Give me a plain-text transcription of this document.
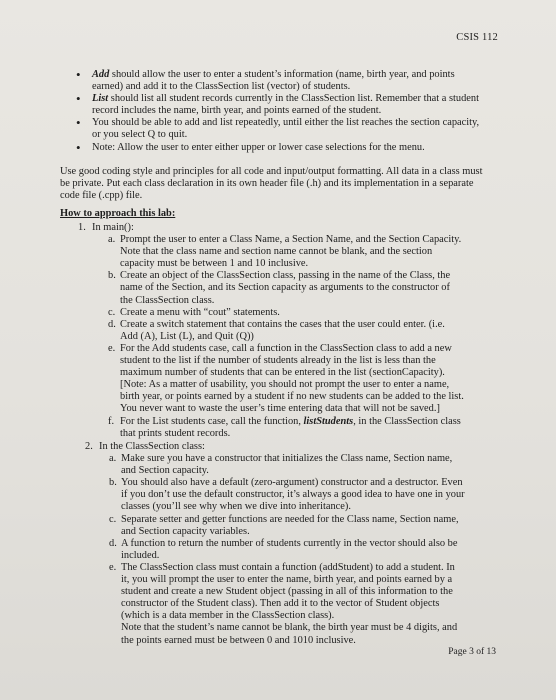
CSIS 112
• Add should allow the user to enter a student’s information (name, birth year, and points earned) and add it to the ClassSection list (vector) of students.
• List should list all student records currently in the ClassSection list. Remember that a student record includes the name, birth year, and points earned of the student.
• You should be able to add and list repeatedly, until either the list reaches the section capacity, or you select Q to quit.
• Note: Allow the user to enter either upper or lower case selections for the menu.
Use good coding style and principles for all code and input/output formatting. All data in a class must be private. Put each class declaration in its own header file (.h) and its implementation in a separate code file (.cpp) file.
How to approach this lab:
1. In main():
a. Prompt the user to enter a Class Name, a Section Name, and the Section Capacity. Note that the class name and section name cannot be blank, and the section capacity must be between 1 and 10 inclusive.
b. Create an object of the ClassSection class, passing in the name of the Class, the name of the Section, and its Section capacity as arguments to the constructor of the ClassSection class.
c. Create a menu with “cout” statements.
d. Create a switch statement that contains the cases that the user could enter. (i.e. Add (A), List (L), and Quit (Q))
e. For the Add students case, call a function in the ClassSection class to add a new student to the list if the number of students already in the list is less than the maximum number of students that can be entered in the list (sectionCapacity). [Note: As a matter of usability, you should not prompt the user to enter a name, birth year, or points earned by a student if no new students can be added to the list. You never want to waste the user’s time entering data that will not be saved.]
f. For the List students case, call the function, listStudents, in the ClassSection class that prints student records.
2. In the ClassSection class:
a. Make sure you have a constructor that initializes the Class name, Section name, and Section capacity.
b. You should also have a default (zero-argument) constructor and a destructor. Even if you don’t use the default constructor, it’s always a good idea to have one in your classes (you’ll see why when we dive into inheritance).
c. Separate setter and getter functions are needed for the Class name, Section name, and Section capacity variables.
d. A function to return the number of students currently in the vector should also be included.
e. The ClassSection class must contain a function (addStudent) to add a student. In it, you will prompt the user to enter the name, birth year, and points earned by a student and create a new Student object (passing in all of this information to the constructor of the Student class). Then add it to the vector of Student objects (which is a data member in the ClassSection class).
Note that the student’s name cannot be blank, the birth year must be 4 digits, and the points earned must be between 0 and 1010 inclusive.
Page 3 of 13
